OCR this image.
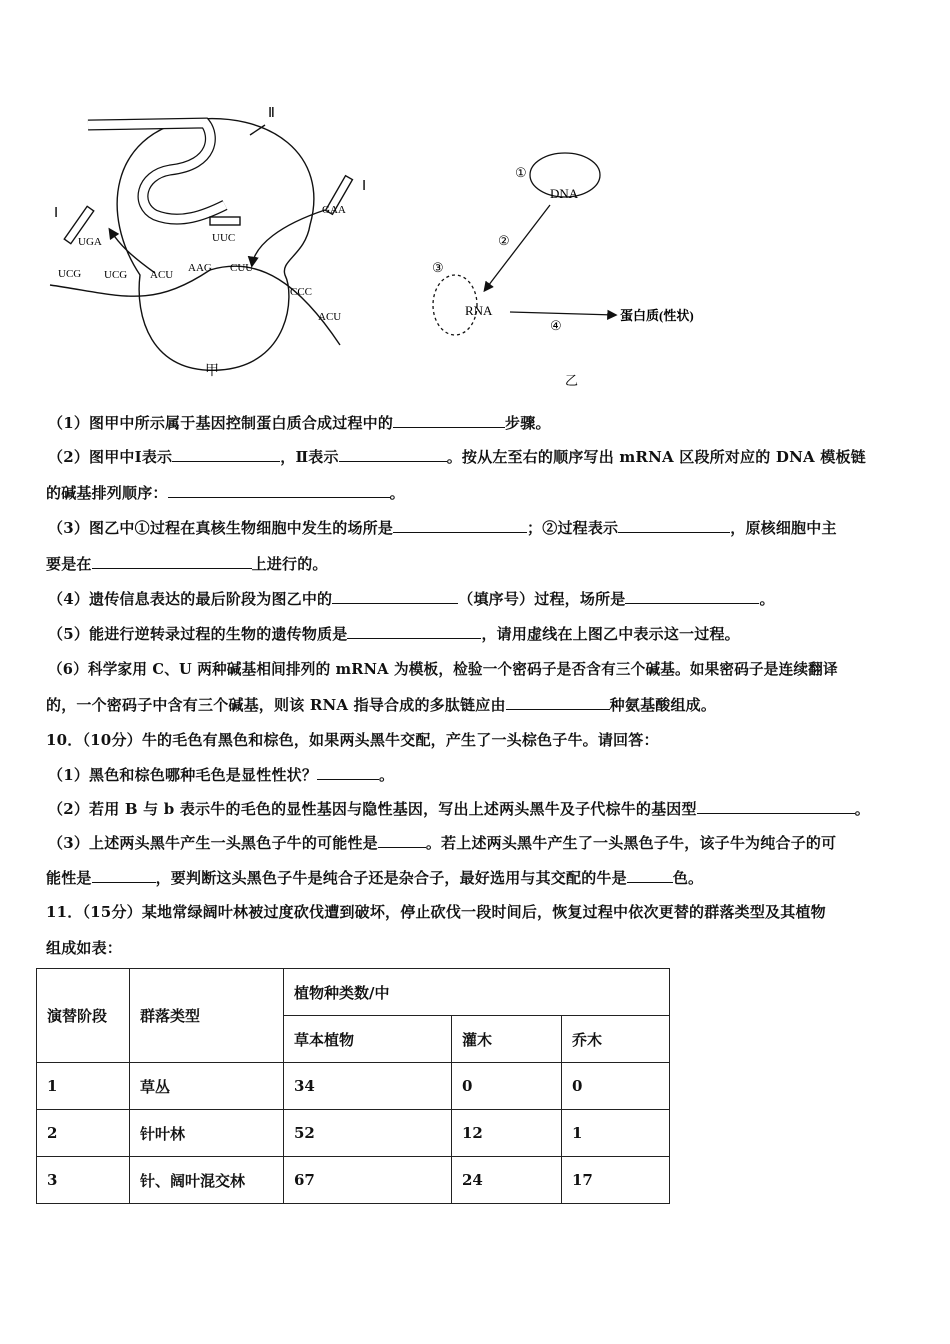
Ⅱ
Ⅰ
Ⅰ
UGA
GAA
UUC
UCG UCG ACU
AAG CUU
CCC
ACU
甲
①
DNA
②
③
RNA
④
蛋白质(性状)
乙
（1）图甲中所示属于基因控制蛋白质合成过程中的	步骤。
（2）图甲中Ⅰ表示	，Ⅱ表示	。按从左至右的顺序写出 mRNA 区段所对应的 DNA 模板链
的碱基排列顺序：	。
（3）图乙中①过程在真核生物细胞中发生的场所是	；②过程表示	，原核细胞中主
要是在	上进行的。
（4）遗传信息表达的最后阶段为图乙中的	（填序号）过程，场所是	。
（5）能进行逆转录过程的生物的遗传物质是	，请用虚线在上图乙中表示这一过程。
（6）科学家用 C、U 两种碱基相间排列的 mRNA 为模板，检验一个密码子是否含有三个碱基。如果密码子是连续翻译
的，一个密码子中含有三个碱基，则该 RNA 指导合成的多肽链应由	种氨基酸组成。
10．（10分）牛的毛色有黑色和棕色，如果两头黑牛交配，产生了一头棕色子牛。请回答：
（1）黑色和棕色哪种毛色是显性性状？	。
（2）若用 B 与 b 表示牛的毛色的显性基因与隐性基因，写出上述两头黑牛及子代棕牛的基因型	。
（3）上述两头黑牛产生一头黑色子牛的可能性是	。若上述两头黑牛产生了一头黑色子牛，该子牛为纯合子的可
能性是	，要判断这头黑色子牛是纯合子还是杂合子，最好选用与其交配的牛是	色。
11．（15分）某地常绿阔叶林被过度砍伐遭到破坏，停止砍伐一段时间后，恢复过程中依次更替的群落类型及其植物
组成如表：
演替阶段	群落类型	植物种类数/中		
		草本植物	灌木	乔木
1	草丛	34	0	0
2	针叶林	52	12	1
3	针、阔叶混交林	67	24	17
